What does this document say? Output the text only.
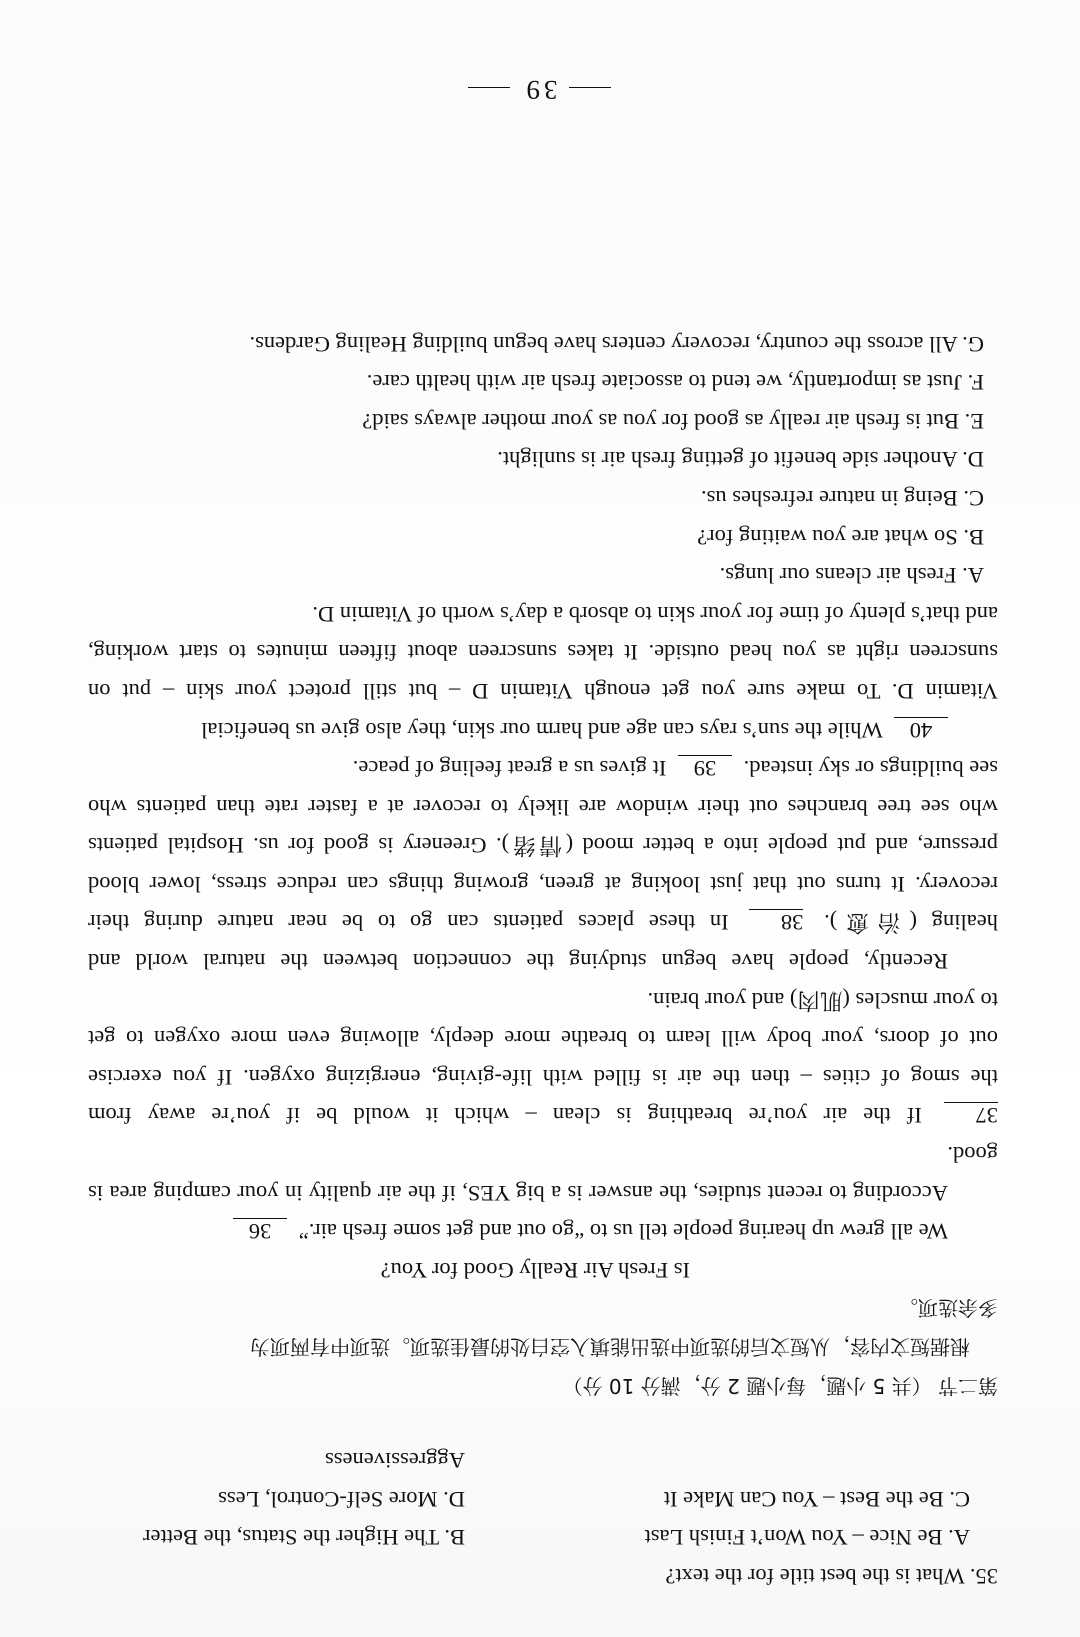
35. What is the best title for the text?
A. Be Nice – You Won’t Finish Last
B. The Higher the Status, the Better
C. Be the Best – You Can Make It
D. More Self-Control, Less Aggressiveness
第二节 （共 5 小题，每小题 2 分，满分 10 分）
根据短文内容，从短文后的选项中选出能填入空白处的最佳选项。选项中有两项为
多余选项。
Is Fresh Air Really Good for You?
We all grew up hearing people tell us to “go out and get some fresh air.” 36
According to recent studies, the answer is a big YES, if the air quality in your camping area is
good.
37 If the air you’re breathing is clean – which it would be if you’re away from
the smog of cities – then the air is filled with life-giving, energizing oxygen. If you exercise
out of doors, your body will learn to breathe more deeply, allowing even more oxygen to get
to your muscles (肌肉) and your brain.
Recently, people have begun studying the connection between the natural world and
healing (治愈). 38 In these places patients can go to be near nature during their
recovery. It turns out that just looking at green, growing things can reduce stress, lower blood
pressure, and put people into a better mood (情绪). Greenery is good for us. Hospital patients
who see tree branches out their window are likely to recover at a faster rate than patients who
see buildings or sky instead. 39 It gives us a great feeling of peace.
40 While the sun’s rays can age and harm our skin, they also give us beneficial
Vitamin D. To make sure you get enough Vitamin D – but still protect your skin – put on
sunscreen right as you head outside. It takes sunscreen about fifteen minutes to start working,
and that’s plenty of time for your skin to absorb a day’s worth of Vitamin D.
A. Fresh air cleans our lungs.
B. So what are you waiting for?
C. Being in nature refreshes us.
D. Another side benefit of getting fresh air is sunlight.
E. But is fresh air really as good for you as your mother always said?
F. Just as importantly, we tend to associate fresh air with health care.
G. All across the country, recovery centers have begun building Healing Gardens.
39
